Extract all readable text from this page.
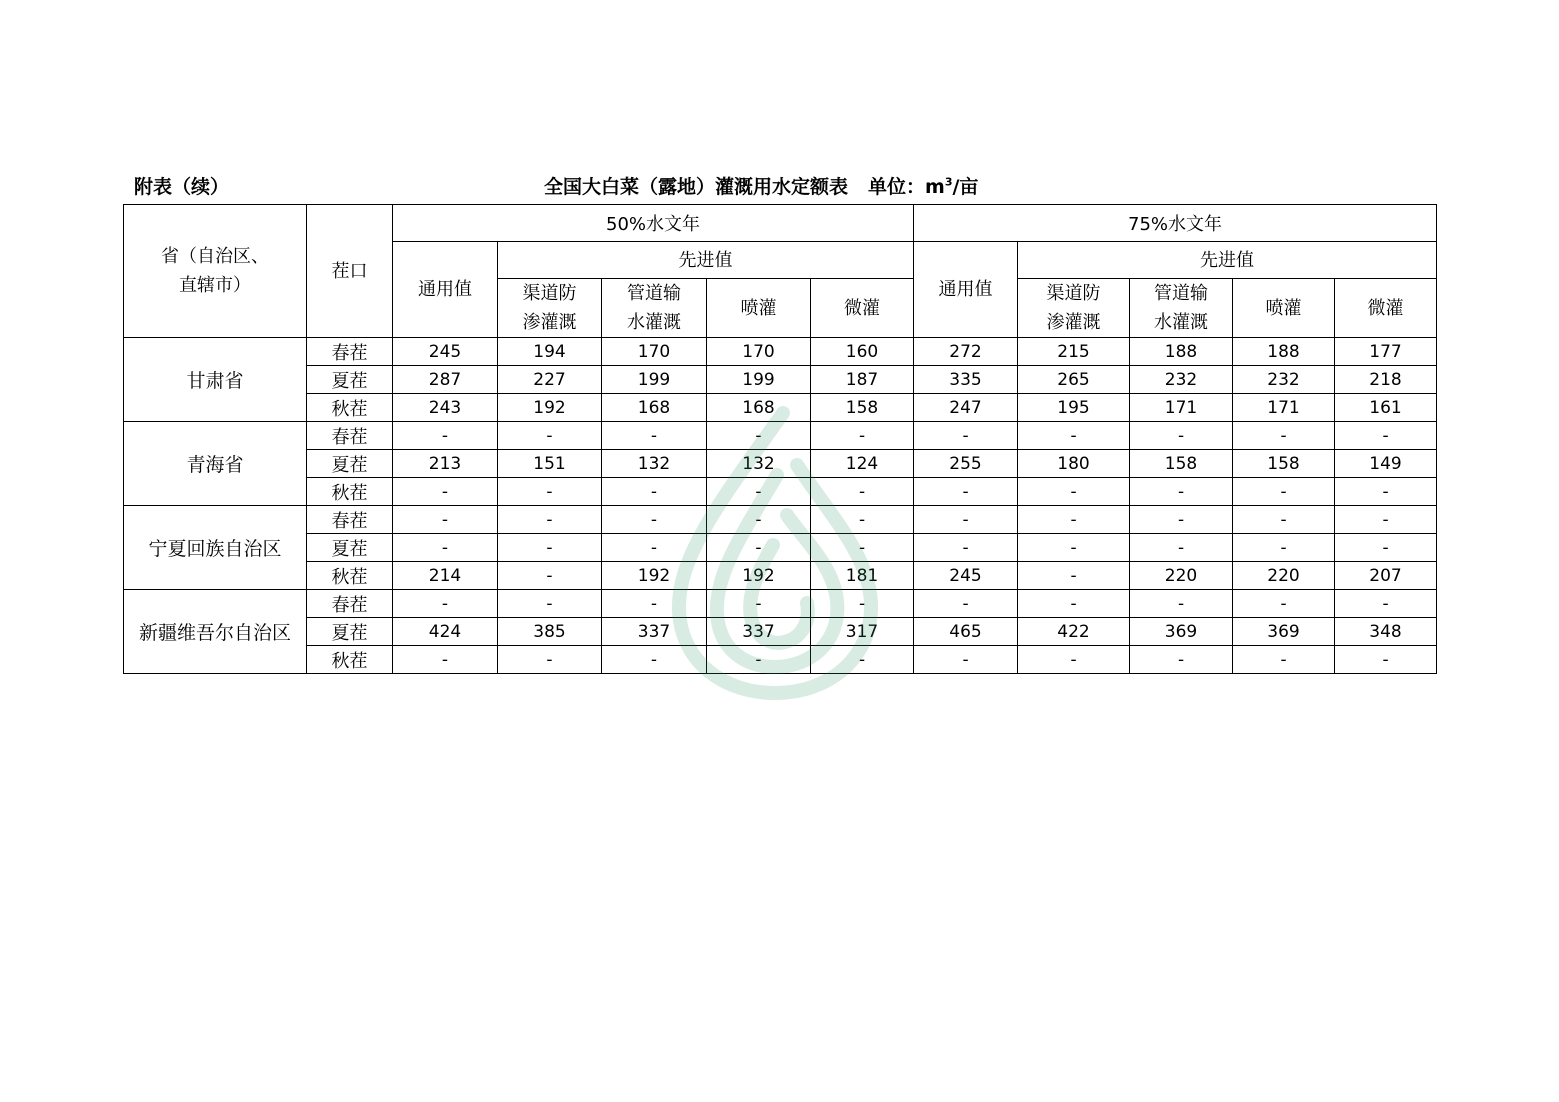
附表（续）	全国大白菜（露地）灌溉用水定额表 单位：$m^3/$亩
省（自治区、直辖市）	茬口	50%水文年					75%水文年				
		通用值	先进值				通用值	先进值			

			渠道防渗灌溉	管道输水灌溉	喷灌	微灌		渠道防渗灌溉	管道输水灌溉	喷灌	微灌
甘肃省	春茬	245	194	170	170	160	272	215	188	188	177
	夏茬	287	227	199	199	187	335	265	232	232	218
	秋茬	243	192	168	168	158	247	195	171	171	161
青海省	春茬	-	-	-	-	-	-	-	-	-	-
	夏茬	213	151	132	132	124	255	180	158	158	149
	秋茬	-	-	-	-	-	-	-	-	-	-
宁夏回族自治区	春茬	-	-	-	-	-	-	-	-	-	-
	夏茬	-	-	-	-	-	-	-	-	-	-
	秋茬	214	-	192	192	181	245	-	220	220	207
新疆维吾尔自治区	春茬	-	-	-	-	-	-	-	-	-	-
	夏茬	424	385	337	337	317	465	422	369	369	348
	秋茬	-	-	-	-	-	-	-	-	-	-
